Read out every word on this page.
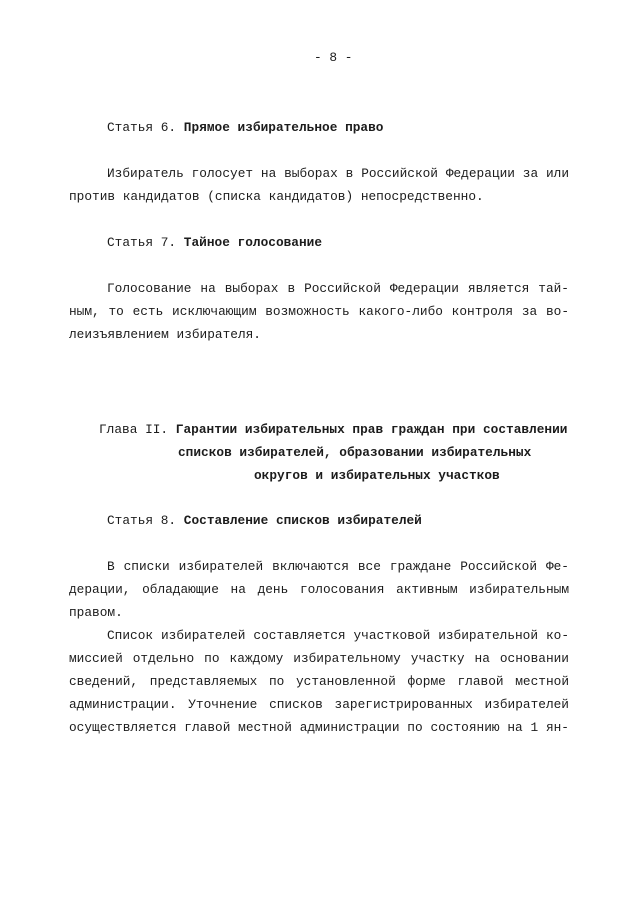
- 8 -
Статья 6. Прямое избирательное право
Избиратель голосует на выборах в Российской Федерации за или
против кандидатов (списка кандидатов) непосредственно.
Статья 7. Тайное голосование
Голосование на выборах в Российской Федерации является тай-
ным, то есть исключающим возможность какого-либо контроля за во-
леизъявлением избирателя.
Глава II. Гарантии избирательных прав граждан при составлении
списков избирателей, образовании избирательных
округов и избирательных участков
Статья 8. Составление списков избирателей
В списки избирателей включаются все граждане Российской Фе-
дерации, обладающие на день голосования активным избирательным
правом.
Список избирателей составляется участковой избирательной ко-
миссией отдельно по каждому избирательному участку на основании
сведений, представляемых по установленной форме главой местной
администрации. Уточнение списков зарегистрированных избирателей
осуществляется главой местной администрации по состоянию на 1 ян-
